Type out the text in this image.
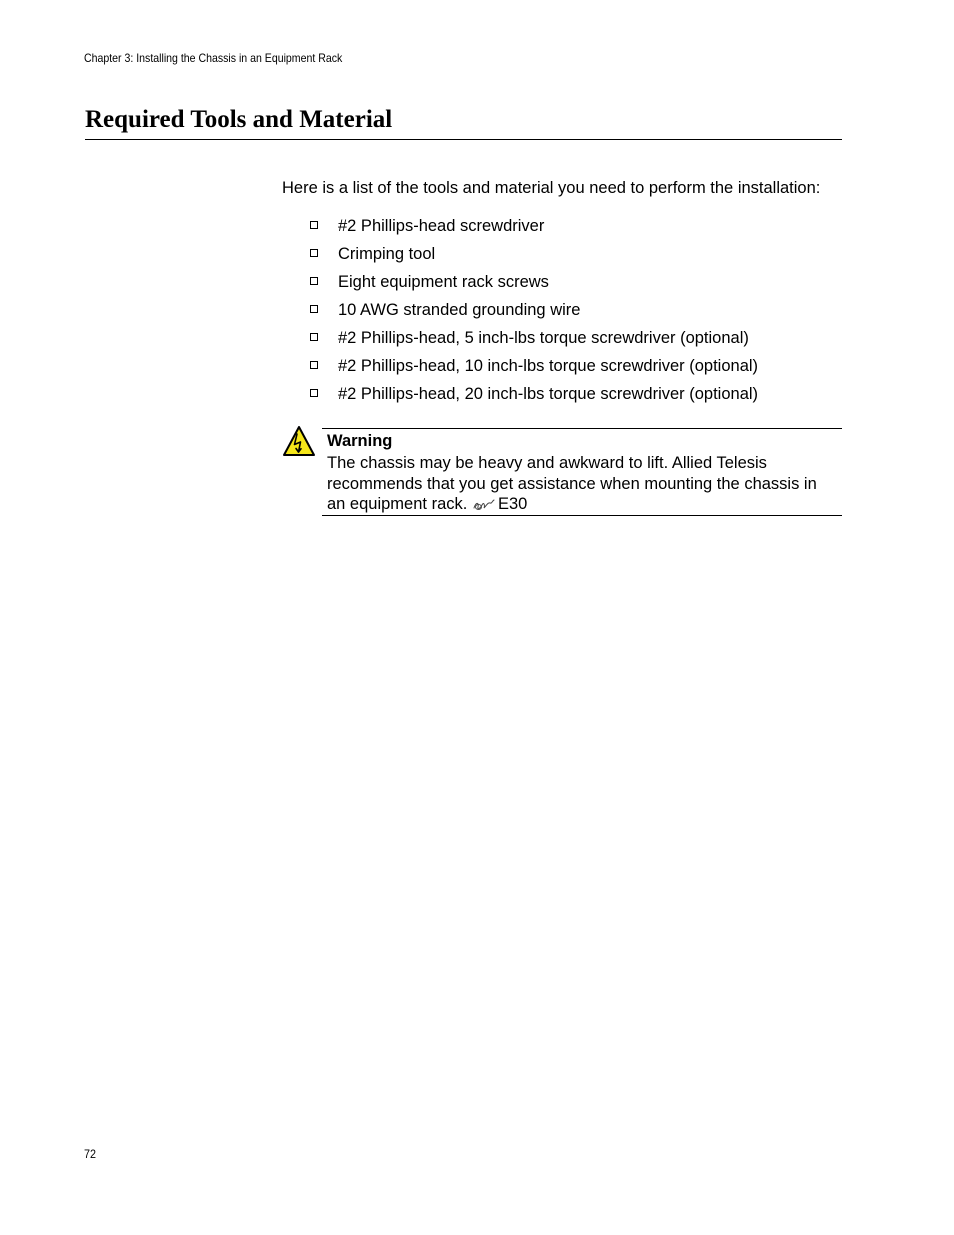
Chapter 3: Installing the Chassis in an Equipment Rack
Required Tools and Material

Here is a list of the tools and material you need to perform the installation:

#2 Phillips-head screwdriver
Crimping tool
Eight equipment rack screws
10 AWG stranded grounding wire
#2 Phillips-head, 5 inch-lbs torque screwdriver (optional)
#2 Phillips-head, 10 inch-lbs torque screwdriver (optional)
#2 Phillips-head, 20 inch-lbs torque screwdriver (optional)
Warning
The chassis may be heavy and awkward to lift. Allied Telesis recommends that you get assistance when mounting the chassis in an equipment rack. E30
72
